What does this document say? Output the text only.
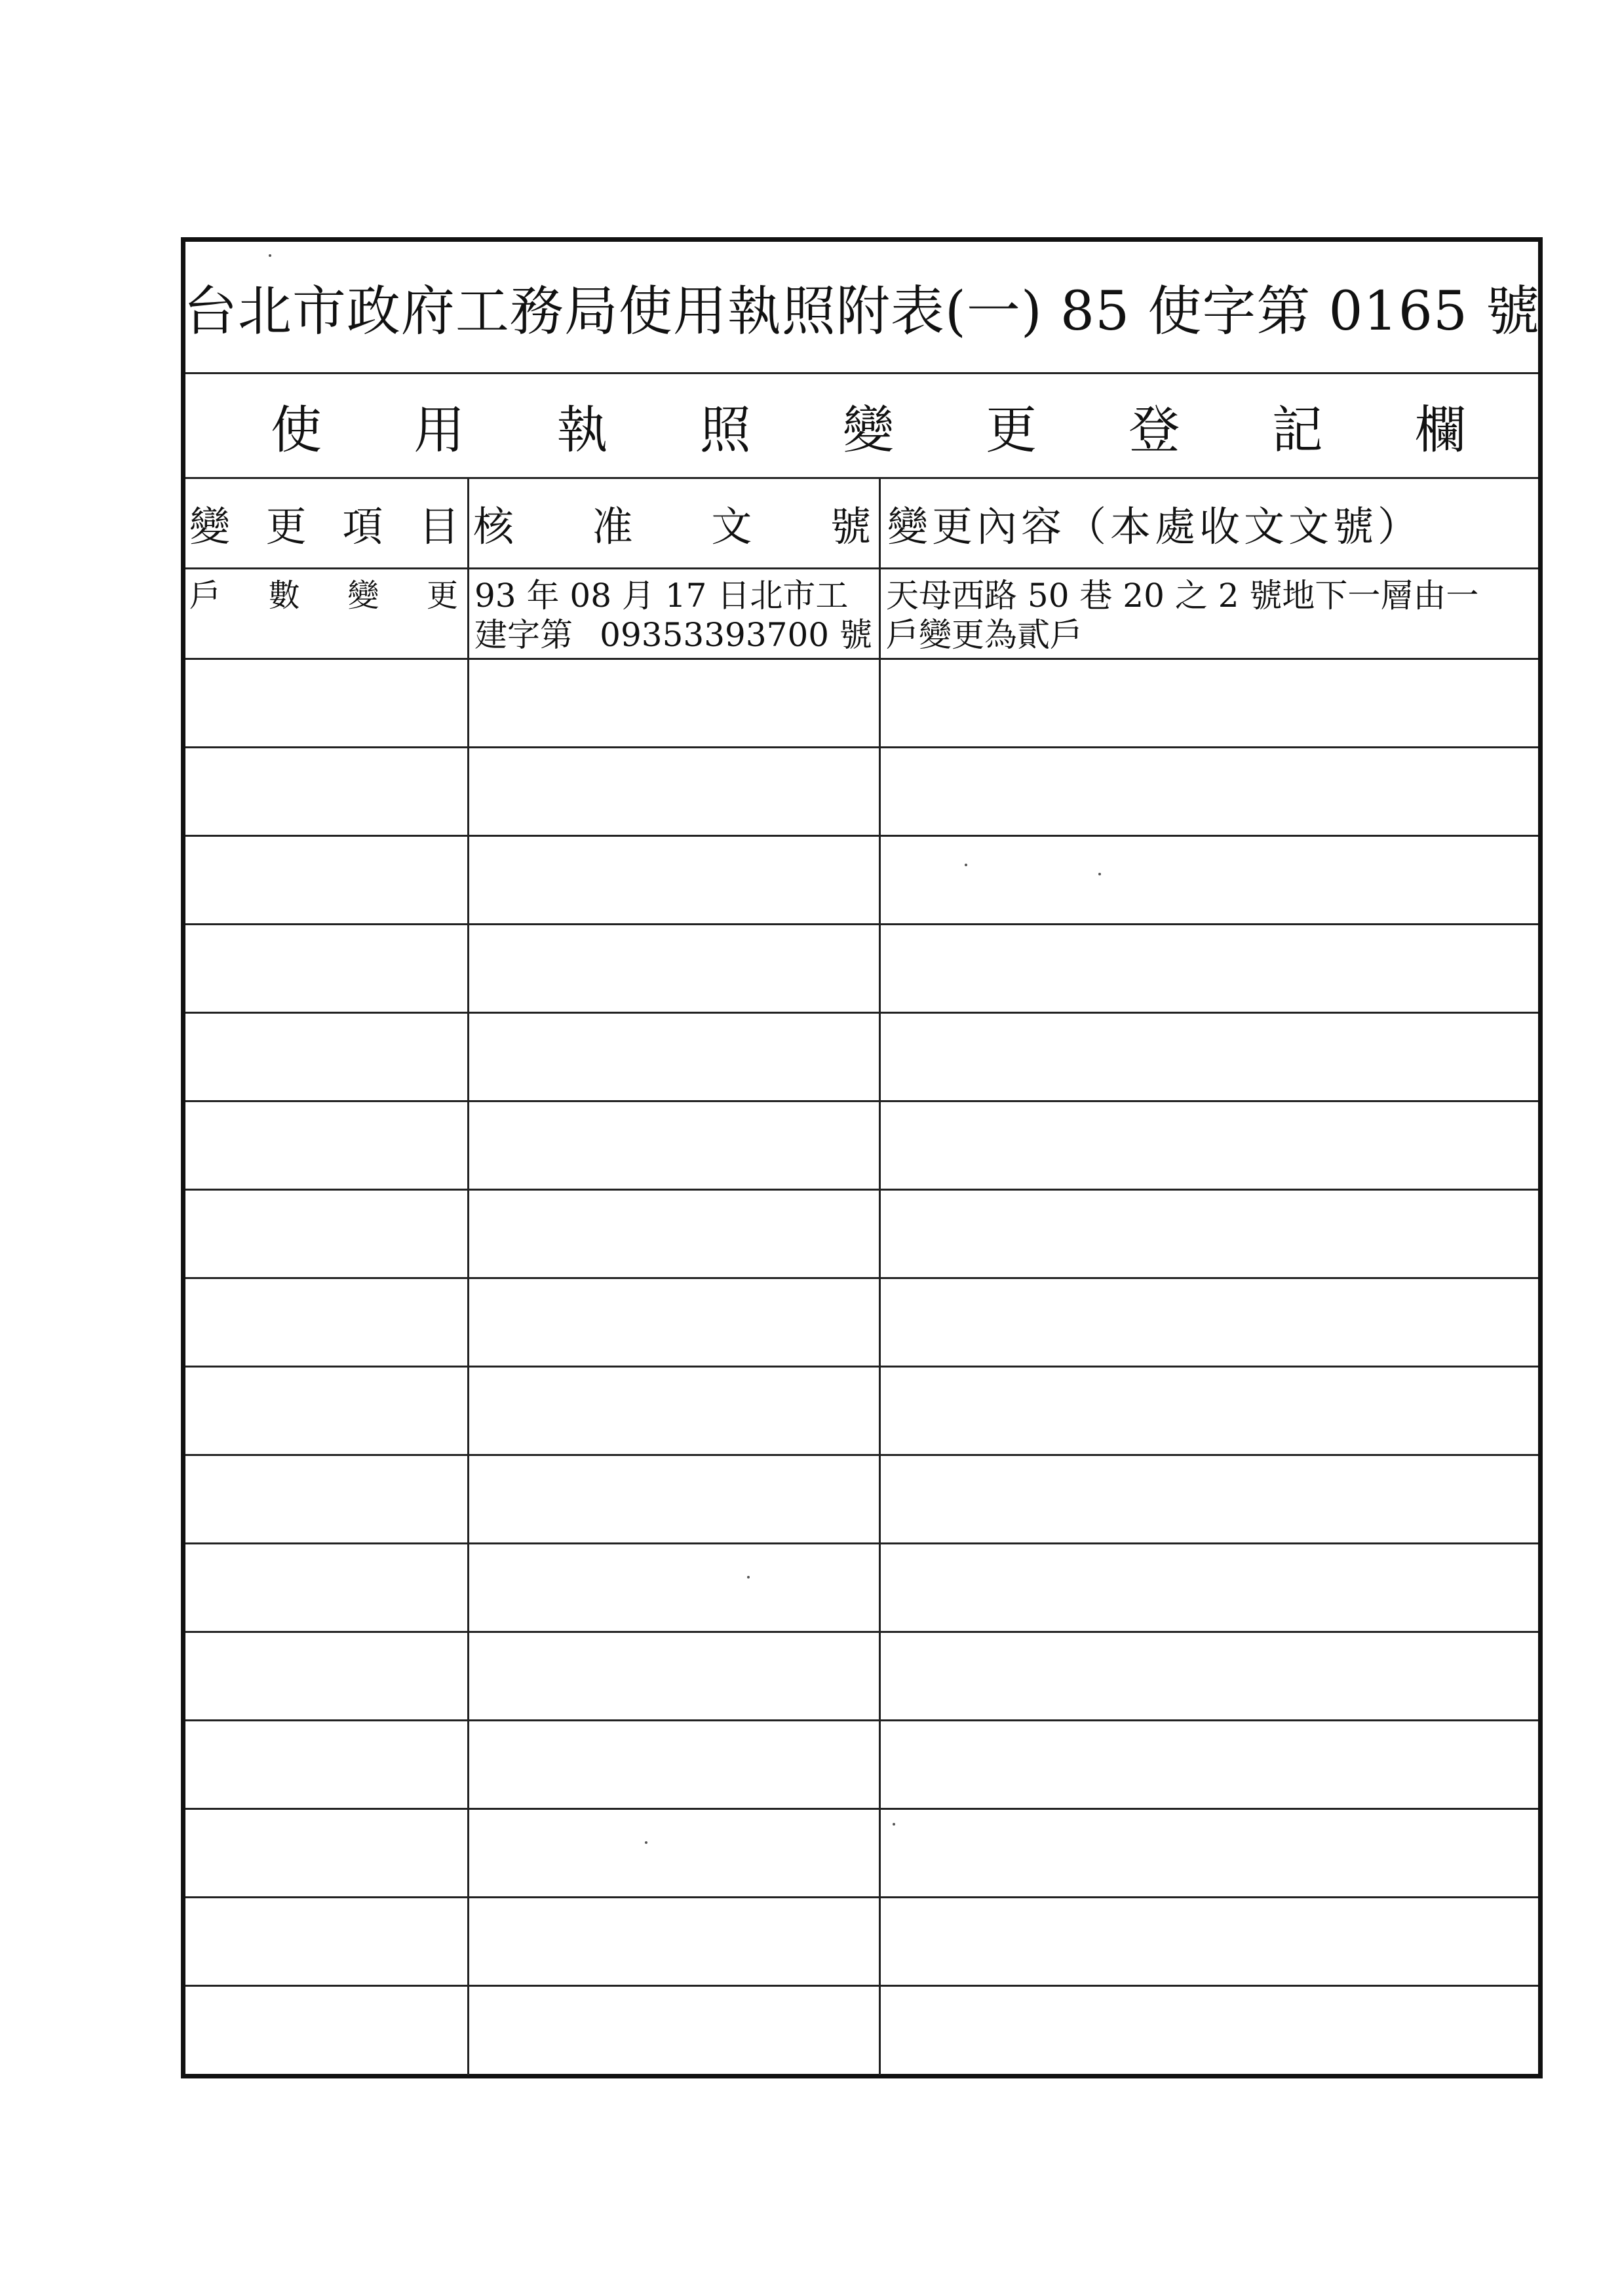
台北市政府工務局使用執照附表(一) 85 使字第 0165 號
使 用 執 照 變 更 登 記 欄
變 更 項 目 核 准 文 號 變更內容（本處收文文號）
戶 數 變 更 93 年 08 月 17 日北市工
建字第 09353393700 號
天母西路 50 巷 20 之 2 號地下一層由一
戶變更為貳戶
